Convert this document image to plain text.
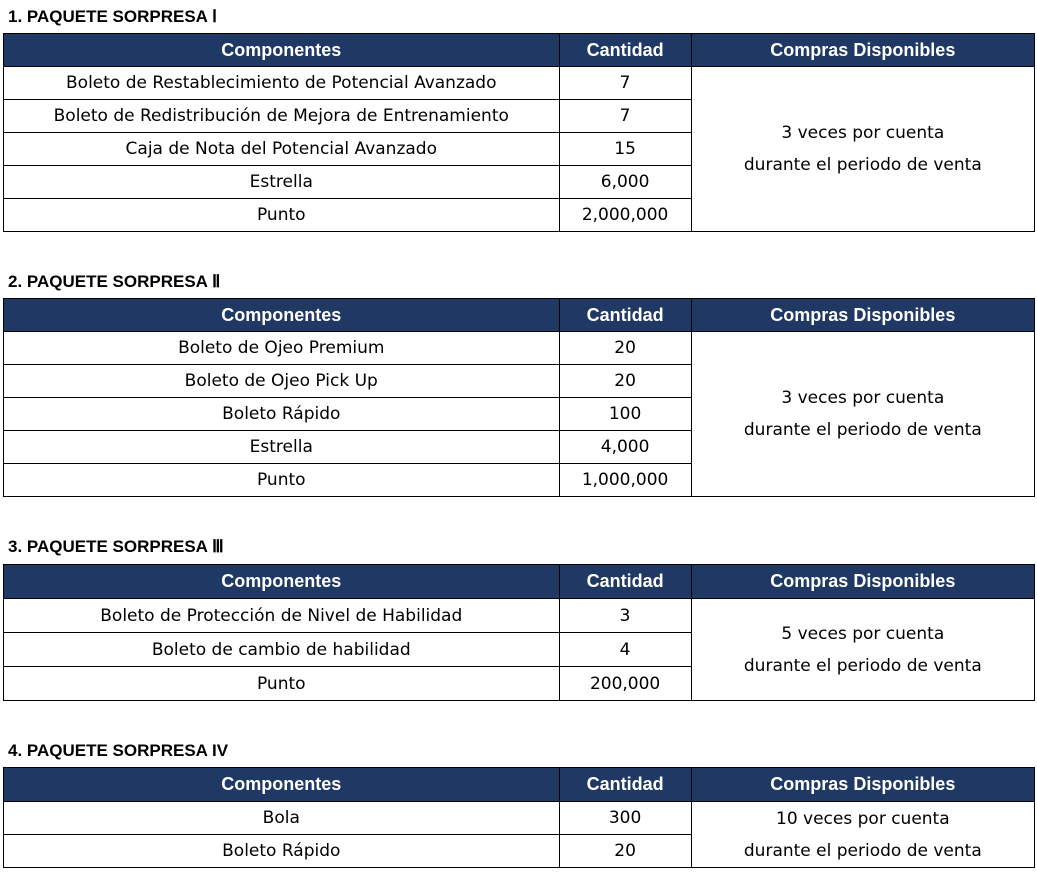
1. PAQUETE SORPRESA Ⅰ
Componentes	Cantidad	Compras Disponibles
Boleto de Restablecimiento de Potencial Avanzado	7	3 veces por cuenta
durante el periodo de venta

Boleto de Redistribución de Mejora de Entrenamiento	7	
Caja de Nota del Potencial Avanzado	15	
Estrella	6,000	
Punto	2,000,000	
2. PAQUETE SORPRESA Ⅱ
Componentes	Cantidad	Compras Disponibles
Boleto de Ojeo Premium	20	3 veces por cuenta
durante el periodo de venta

Boleto de Ojeo Pick Up	20	
Boleto Rápido	100	
Estrella	4,000	
Punto	1,000,000	
3. PAQUETE SORPRESA Ⅲ
Componentes	Cantidad	Compras Disponibles
Boleto de Protección de Nivel de Habilidad	3	5 veces por cuenta
durante el periodo de venta

Boleto de cambio de habilidad	4	
Punto	200,000	
4. PAQUETE SORPRESA IV
Componentes	Cantidad	Compras Disponibles
Bola	300	10 veces por cuenta
durante el periodo de venta

Boleto Rápido	20	
